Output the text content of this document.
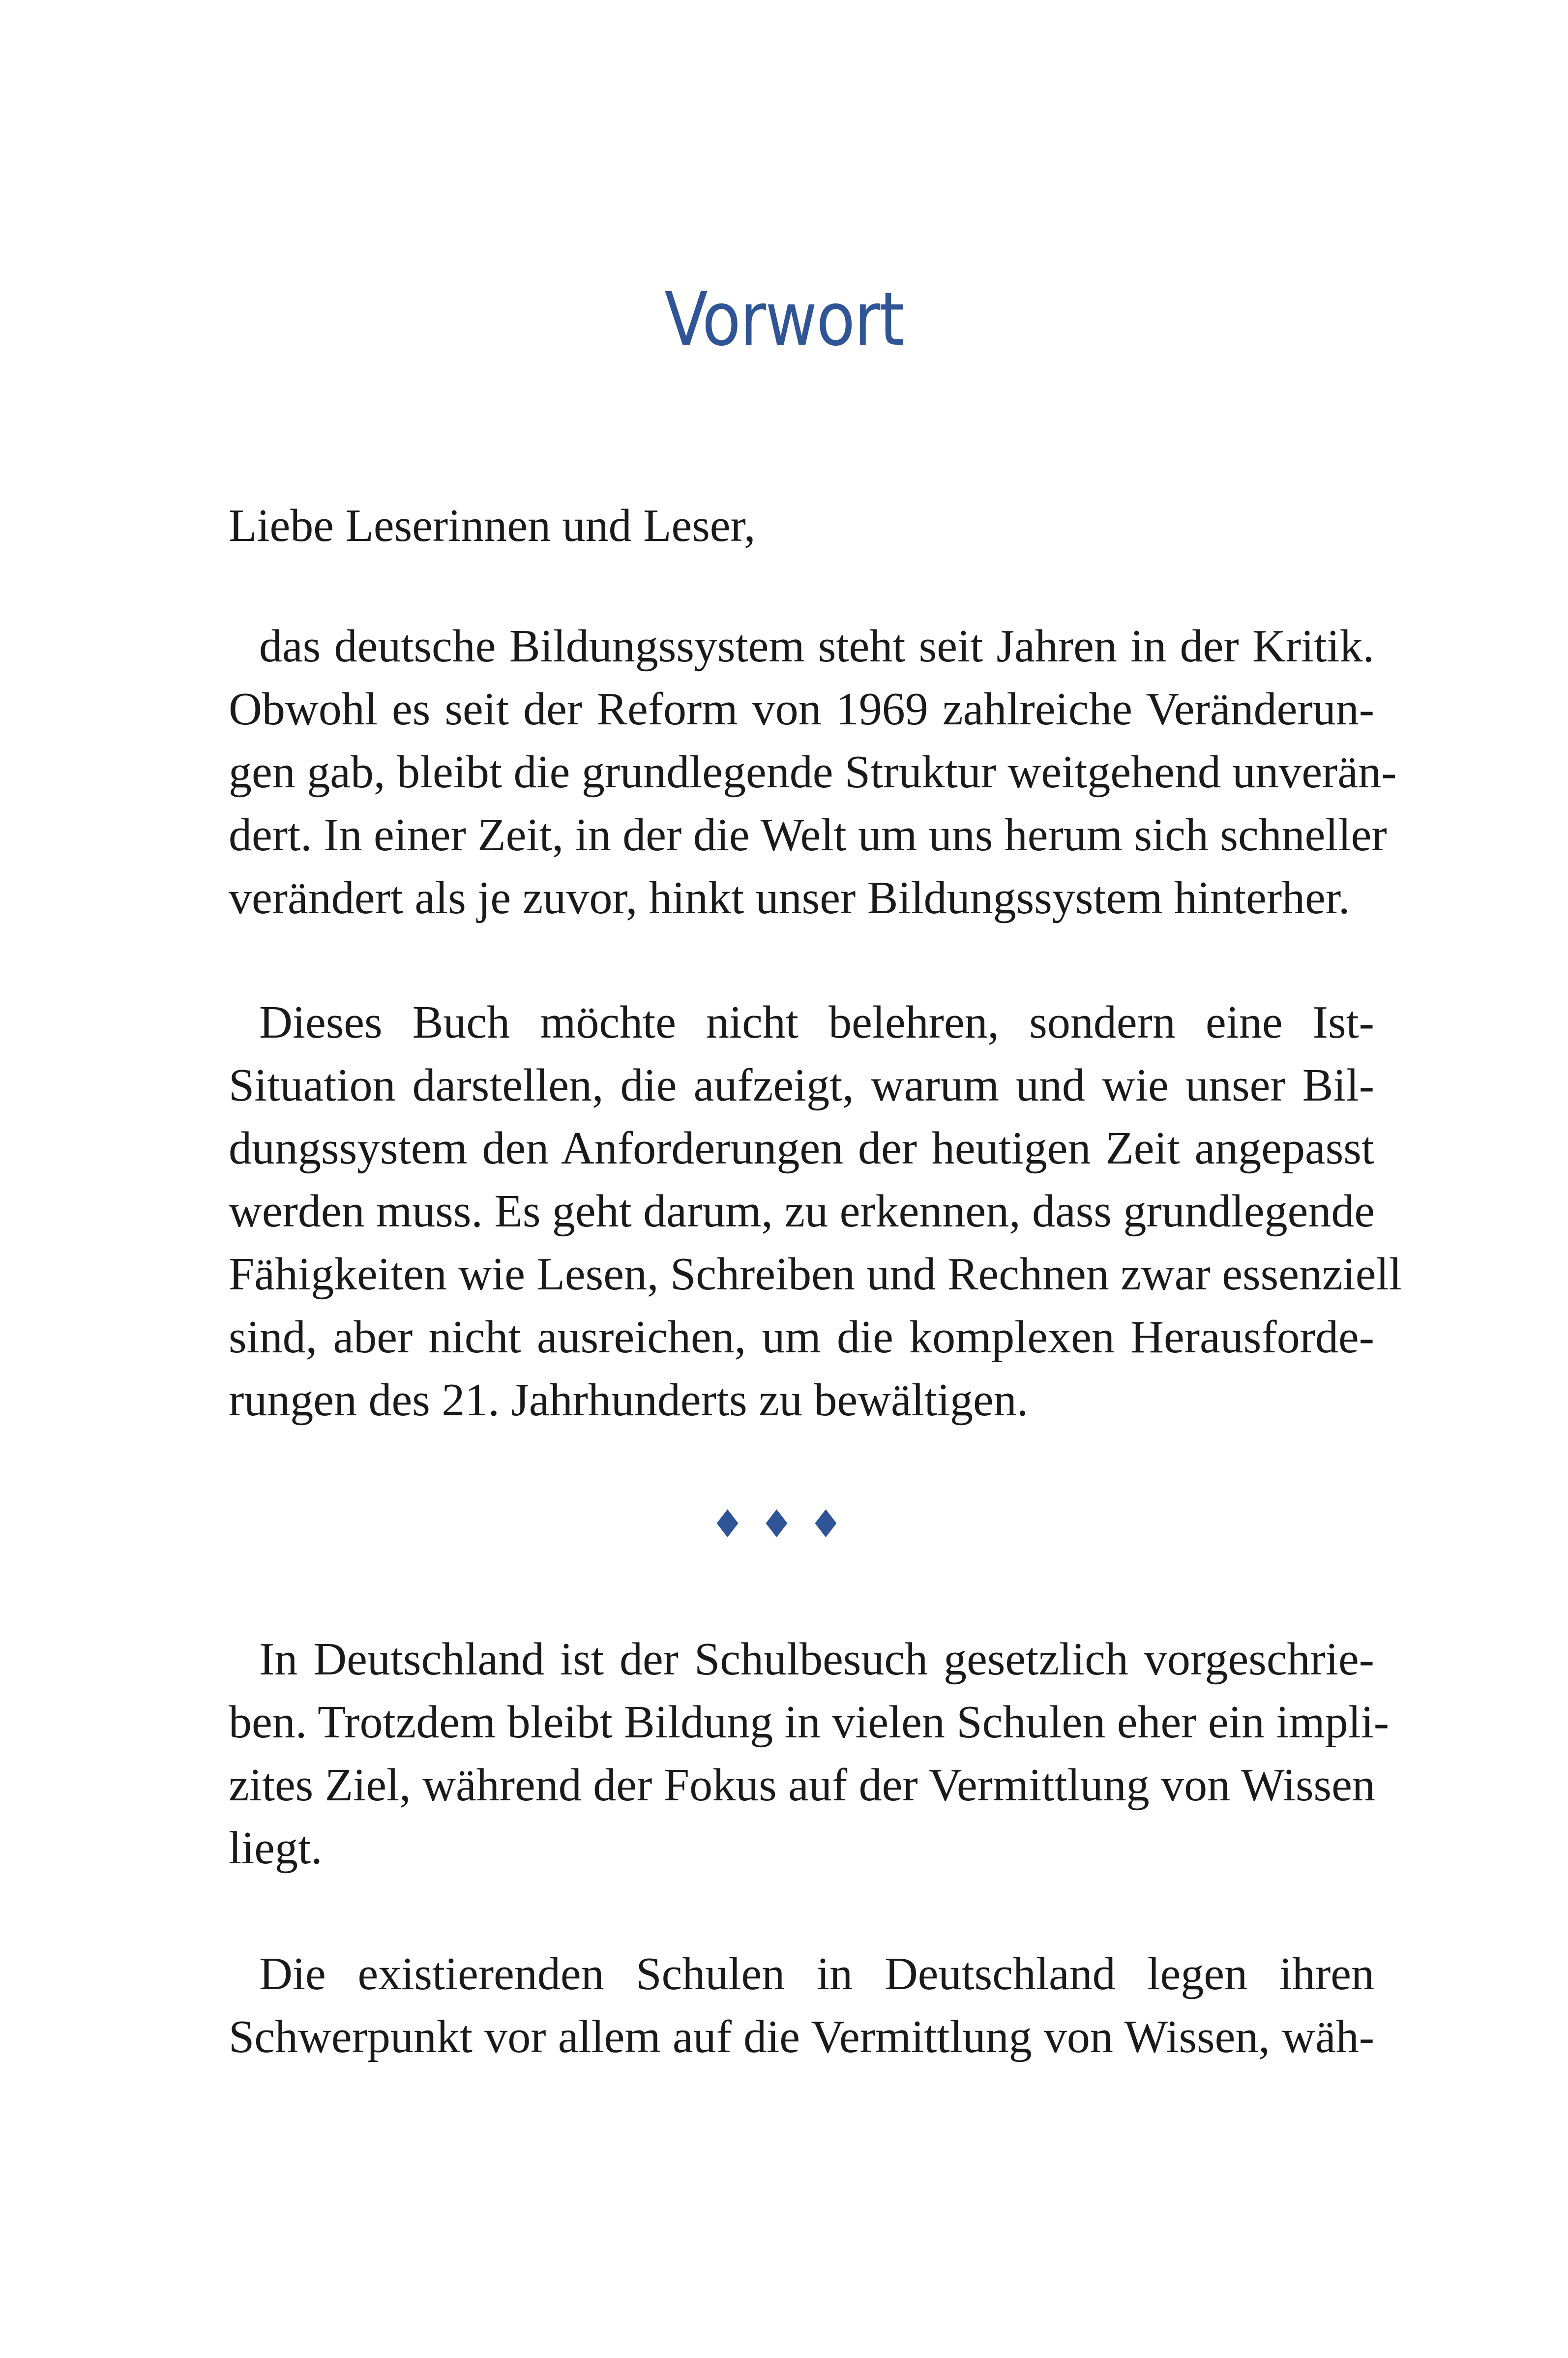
Vorwort
Liebe Leserinnen und Leser,
das deutsche Bildungssystem steht seit Jahren in der Kritik.
Obwohl es seit der Reform von 1969 zahlreiche Veränderun-
gen gab, bleibt die grundlegende Struktur weitgehend unverän-
dert. In einer Zeit, in der die Welt um uns herum sich schneller
verändert als je zuvor, hinkt unser Bildungssystem hinterher.
Dieses Buch möchte nicht belehren, sondern eine Ist-
Situation darstellen, die aufzeigt, warum und wie unser Bil-
dungssystem den Anforderungen der heutigen Zeit angepasst
werden muss. Es geht darum, zu erkennen, dass grundlegende
Fähigkeiten wie Lesen, Schreiben und Rechnen zwar essenziell
sind, aber nicht ausreichen, um die komplexen Herausforde-
rungen des 21. Jahrhunderts zu bewältigen.
♦♦♦
In Deutschland ist der Schulbesuch gesetzlich vorgeschrie-
ben. Trotzdem bleibt Bildung in vielen Schulen eher ein impli-
zites Ziel, während der Fokus auf der Vermittlung von Wissen
liegt.
Die existierenden Schulen in Deutschland legen ihren
Schwerpunkt vor allem auf die Vermittlung von Wissen, wäh-
